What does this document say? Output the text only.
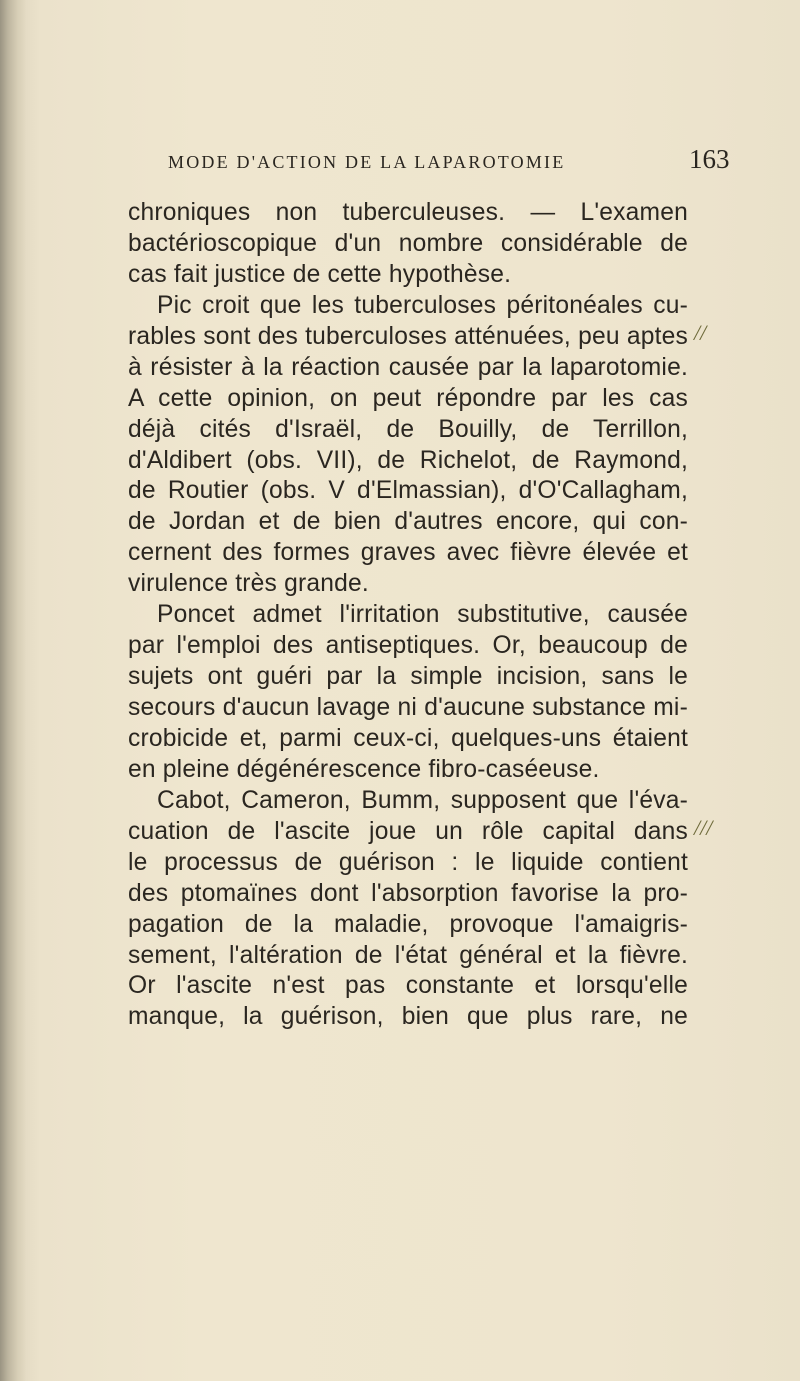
MODE D'ACTION DE LA LAPAROTOMIE	163
//
///
chroniques non tuberculeuses. — L'examen
bactérioscopique d'un nombre considérable de
cas fait justice de cette hypothèse.
Pic croit que les tuberculoses péritonéales cu-
rables sont des tuberculoses atténuées, peu aptes
à résister à la réaction causée par la laparotomie.
A cette opinion, on peut répondre par les cas
déjà cités d'Israël, de Bouilly, de Terrillon,
d'Aldibert (obs. VII), de Richelot, de Raymond,
de Routier (obs. V d'Elmassian), d'O'Callagham,
de Jordan et de bien d'autres encore, qui con-
cernent des formes graves avec fièvre élevée et
virulence très grande.
Poncet admet l'irritation substitutive, causée
par l'emploi des antiseptiques. Or, beaucoup de
sujets ont guéri par la simple incision, sans le
secours d'aucun lavage ni d'aucune substance mi-
crobicide et, parmi ceux-ci, quelques-uns étaient
en pleine dégénérescence fibro-caséeuse.
Cabot, Cameron, Bumm, supposent que l'éva-
cuation de l'ascite joue un rôle capital dans
le processus de guérison : le liquide contient
des ptomaïnes dont l'absorption favorise la pro-
pagation de la maladie, provoque l'amaigris-
sement, l'altération de l'état général et la fièvre.
Or l'ascite n'est pas constante et lorsqu'elle
manque, la guérison, bien que plus rare, ne
